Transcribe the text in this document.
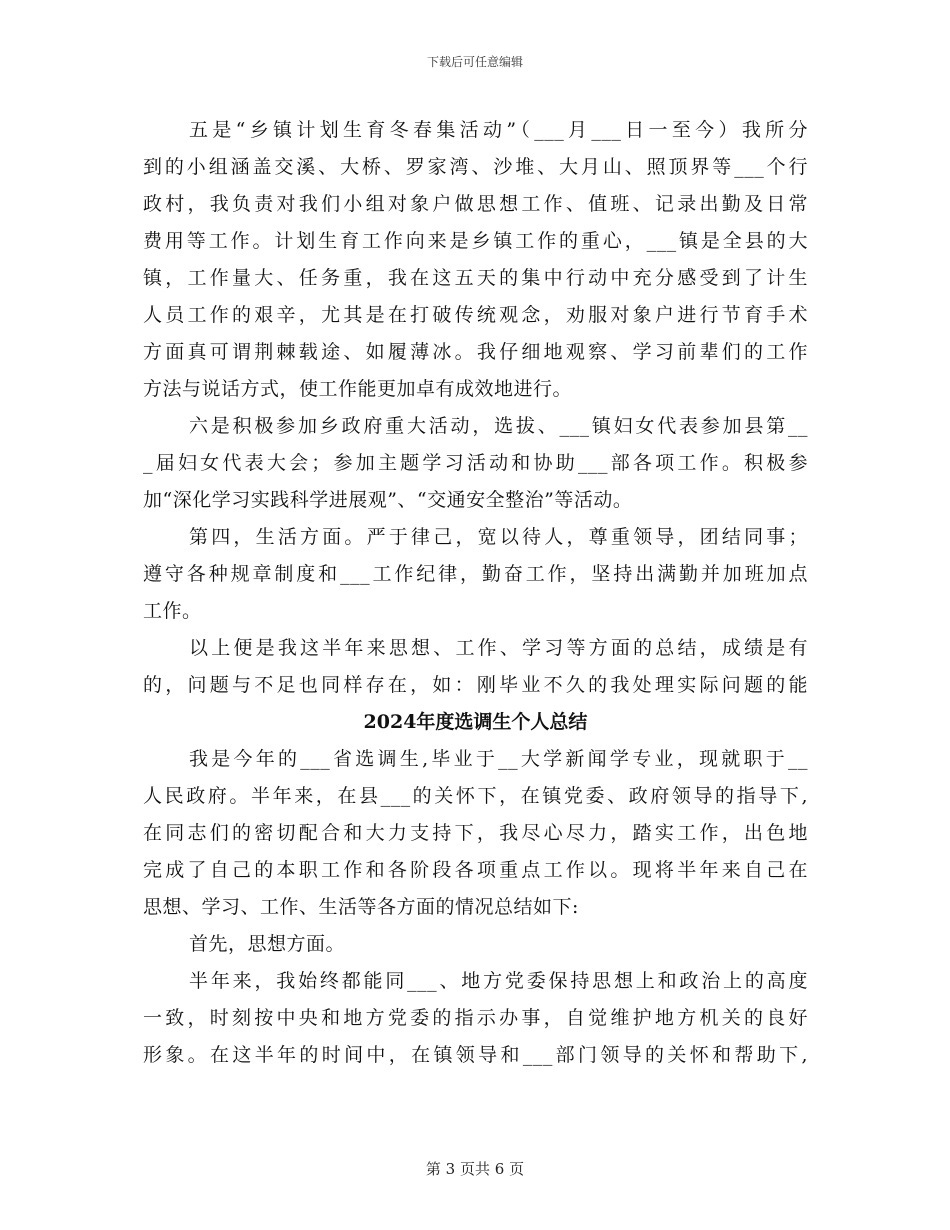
下载后可任意编辑
五是“乡镇计划生育冬春集活动”（___月___日一至今）我所分
到的小组涵盖交溪、大桥、罗家湾、沙堆、大月山、照顶界等___个行
政村，我负责对我们小组对象户做思想工作、值班、记录出勤及日常
费用等工作。计划生育工作向来是乡镇工作的重心，___镇是全县的大
镇，工作量大、任务重，我在这五天的集中行动中充分感受到了计生
人员工作的艰辛，尤其是在打破传统观念，劝服对象户进行节育手术
方面真可谓荆棘载途、如履薄冰。我仔细地观察、学习前辈们的工作
方法与说话方式，使工作能更加卓有成效地进行。
六是积极参加乡政府重大活动，选拔、___镇妇女代表参加县第__
_届妇女代表大会；参加主题学习活动和协助___部各项工作。积极参
加“深化学习实践科学进展观”、“交通安全整治”等活动。
第四，生活方面。严于律己，宽以待人，尊重领导，团结同事；
遵守各种规章制度和___工作纪律，勤奋工作，坚持出满勤并加班加点
工作。
以上便是我这半年来思想、工作、学习等方面的总结，成绩是有
的，问题与不足也同样存在，如：刚毕业不久的我处理实际问题的能
2024年度选调生个人总结
我是今年的___省选调生,毕业于__大学新闻学专业，现就职于__
人民政府。半年来，在县___的关怀下，在镇党委、政府领导的指导下,
在同志们的密切配合和大力支持下，我尽心尽力，踏实工作，出色地
完成了自己的本职工作和各阶段各项重点工作以。现将半年来自己在
思想、学习、工作、生活等各方面的情况总结如下:
首先，思想方面。
半年来，我始终都能同___、地方党委保持思想上和政治上的高度
一致，时刻按中央和地方党委的指示办事，自觉维护地方机关的良好
形象。在这半年的时间中，在镇领导和___部门领导的关怀和帮助下,
第 3 页共 6 页
